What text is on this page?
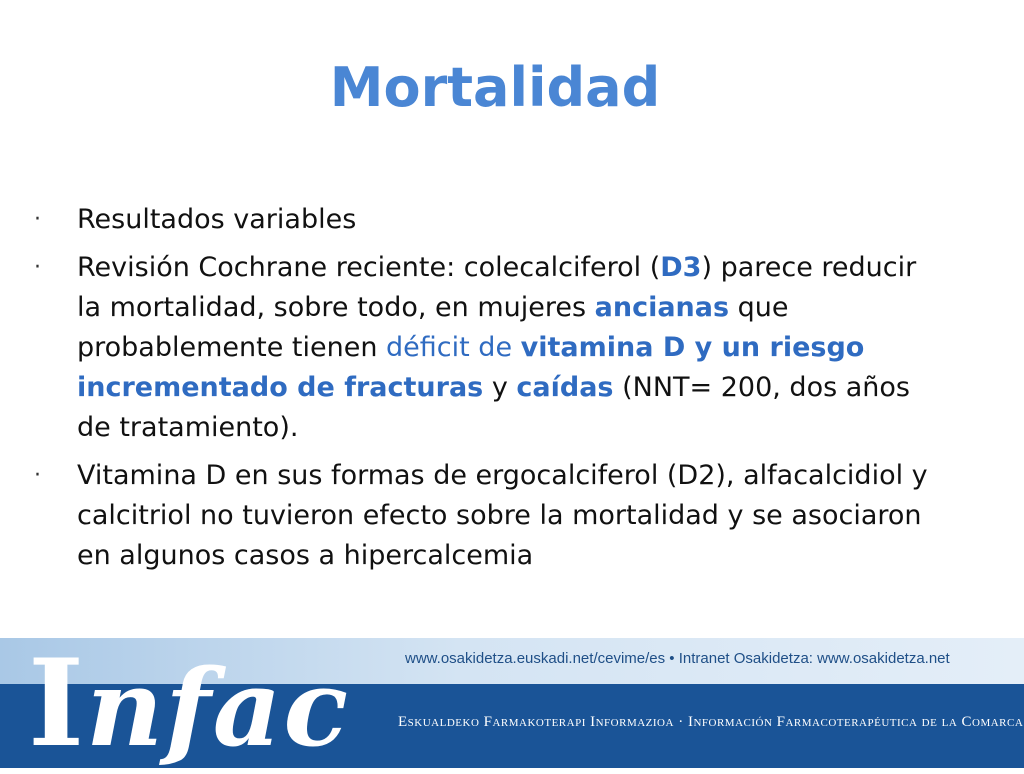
Mortalidad
· Resultados variables
· Revisión Cochrane reciente: colecalciferol (D3) parece reducir la mortalidad, sobre todo, en mujeres ancianas que probablemente tienen déficit de vitamina D y un riesgo incrementado de fracturas y caídas (NNT= 200, dos años de tratamiento).
· Vitamina D en sus formas de ergocalciferol (D2), alfacalcidiol y calcitriol no tuvieron efecto sobre la mortalidad y se asociaron en algunos casos a hipercalcemia
Infac	www.osakidetza.euskadi.net/cevime/es • Intranet Osakidetza: www.osakidetza.net
Eskualdeko Farmakoterapi Informazioa · Información Farmacoterapéutica de la Comarca
